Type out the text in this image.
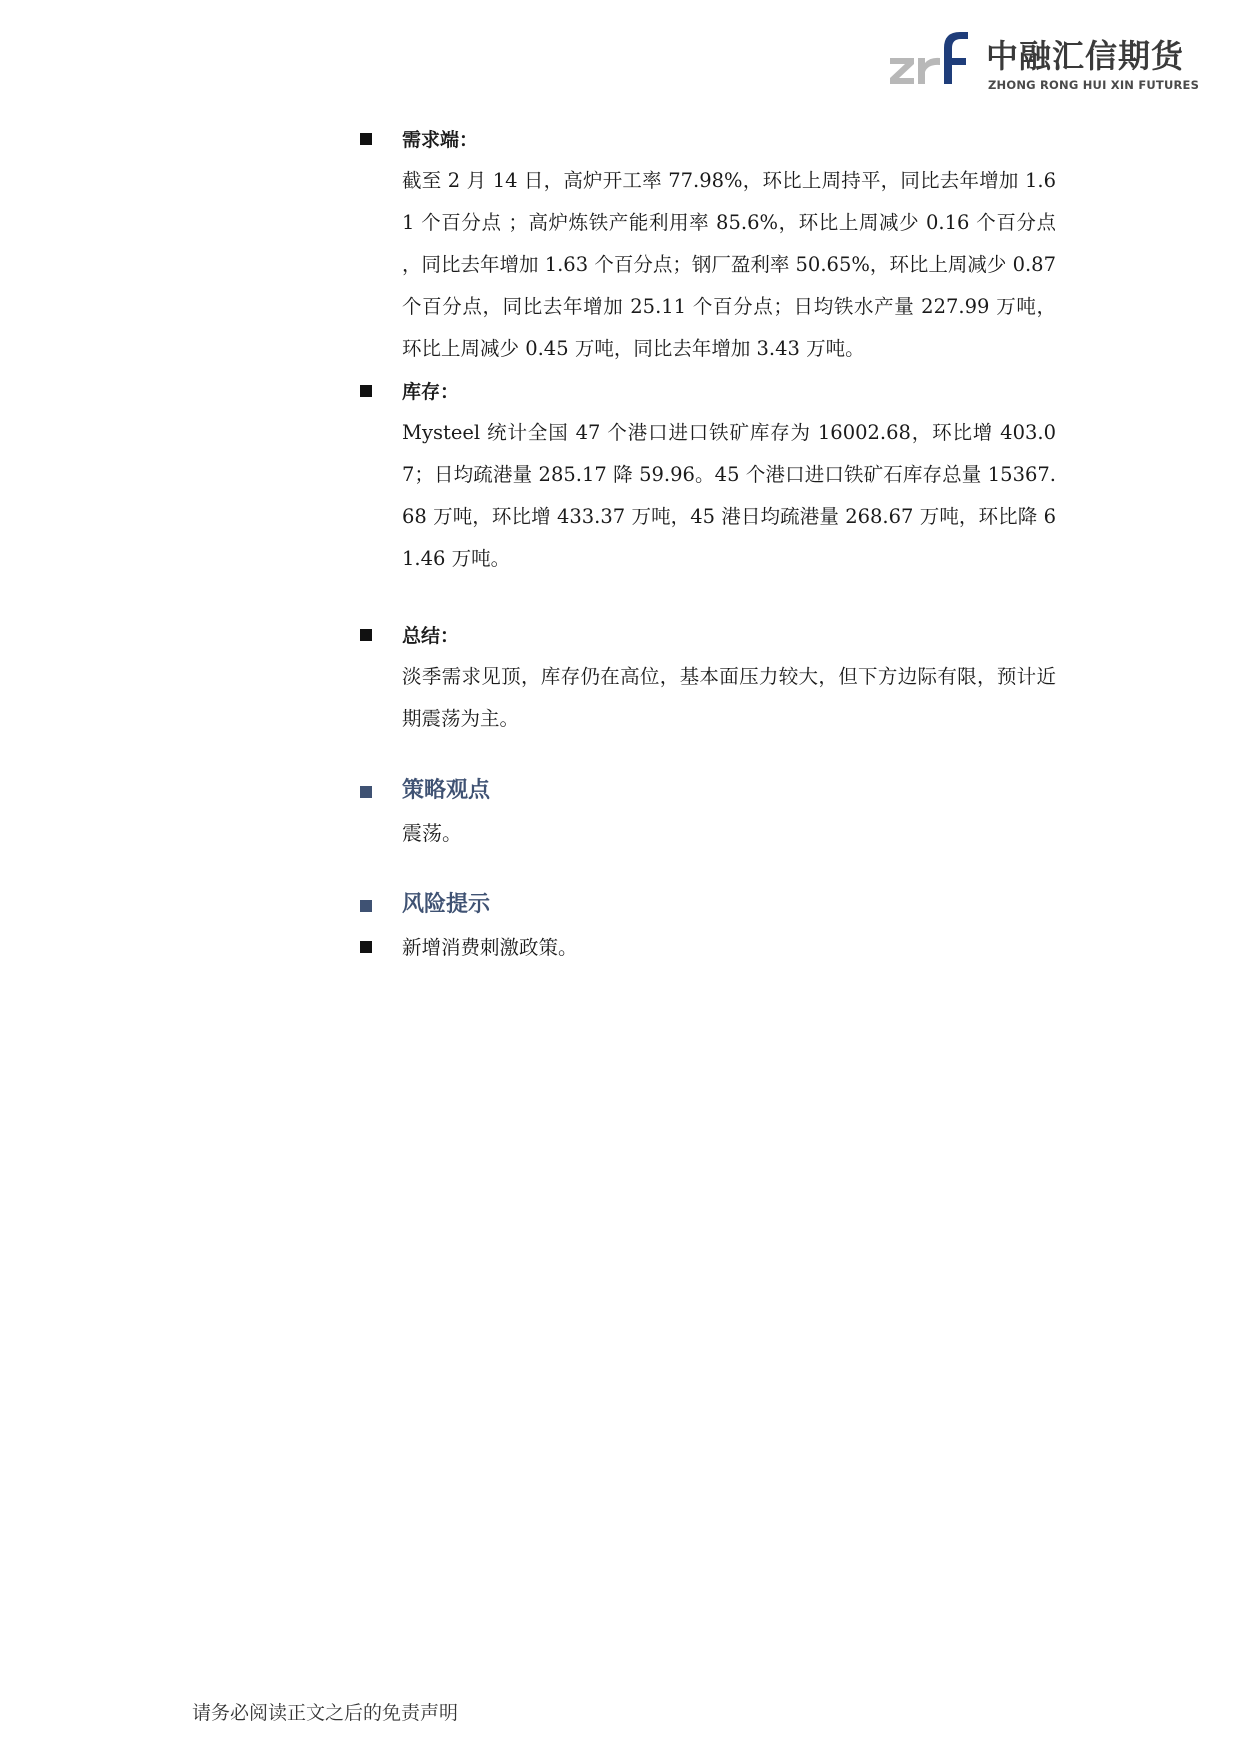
中融汇信期货
ZHONG RONG HUI XIN FUTURES
需求端：
截至 2 月 14 日，高炉开工率 77.98%，环比上周持平，同比去年增加 1.61 个百分点 ；高炉炼铁产能利用率 85.6%，环比上周减少 0.16 个百分点 ，同比去年增加 1.63 个百分点；钢厂盈利率 50.65%，环比上周减少 0.87 个百分点，同比去年增加 25.11 个百分点；日均铁水产量 227.99 万吨，环比上周减少 0.45 万吨，同比去年增加 3.43 万吨。
库存：
Mysteel 统计全国 47 个港口进口铁矿库存为 16002.68，环比增 403.07；日均疏港量 285.17 降 59.96。45 个港口进口铁矿石库存总量 15367.68 万吨，环比增 433.37 万吨，45 港日均疏港量 268.67 万吨，环比降 61.46 万吨。
总结：
淡季需求见顶，库存仍在高位，基本面压力较大，但下方边际有限，预计近期震荡为主。
策略观点
震荡。
风险提示
新增消费刺激政策。
请务必阅读正文之后的免责声明
